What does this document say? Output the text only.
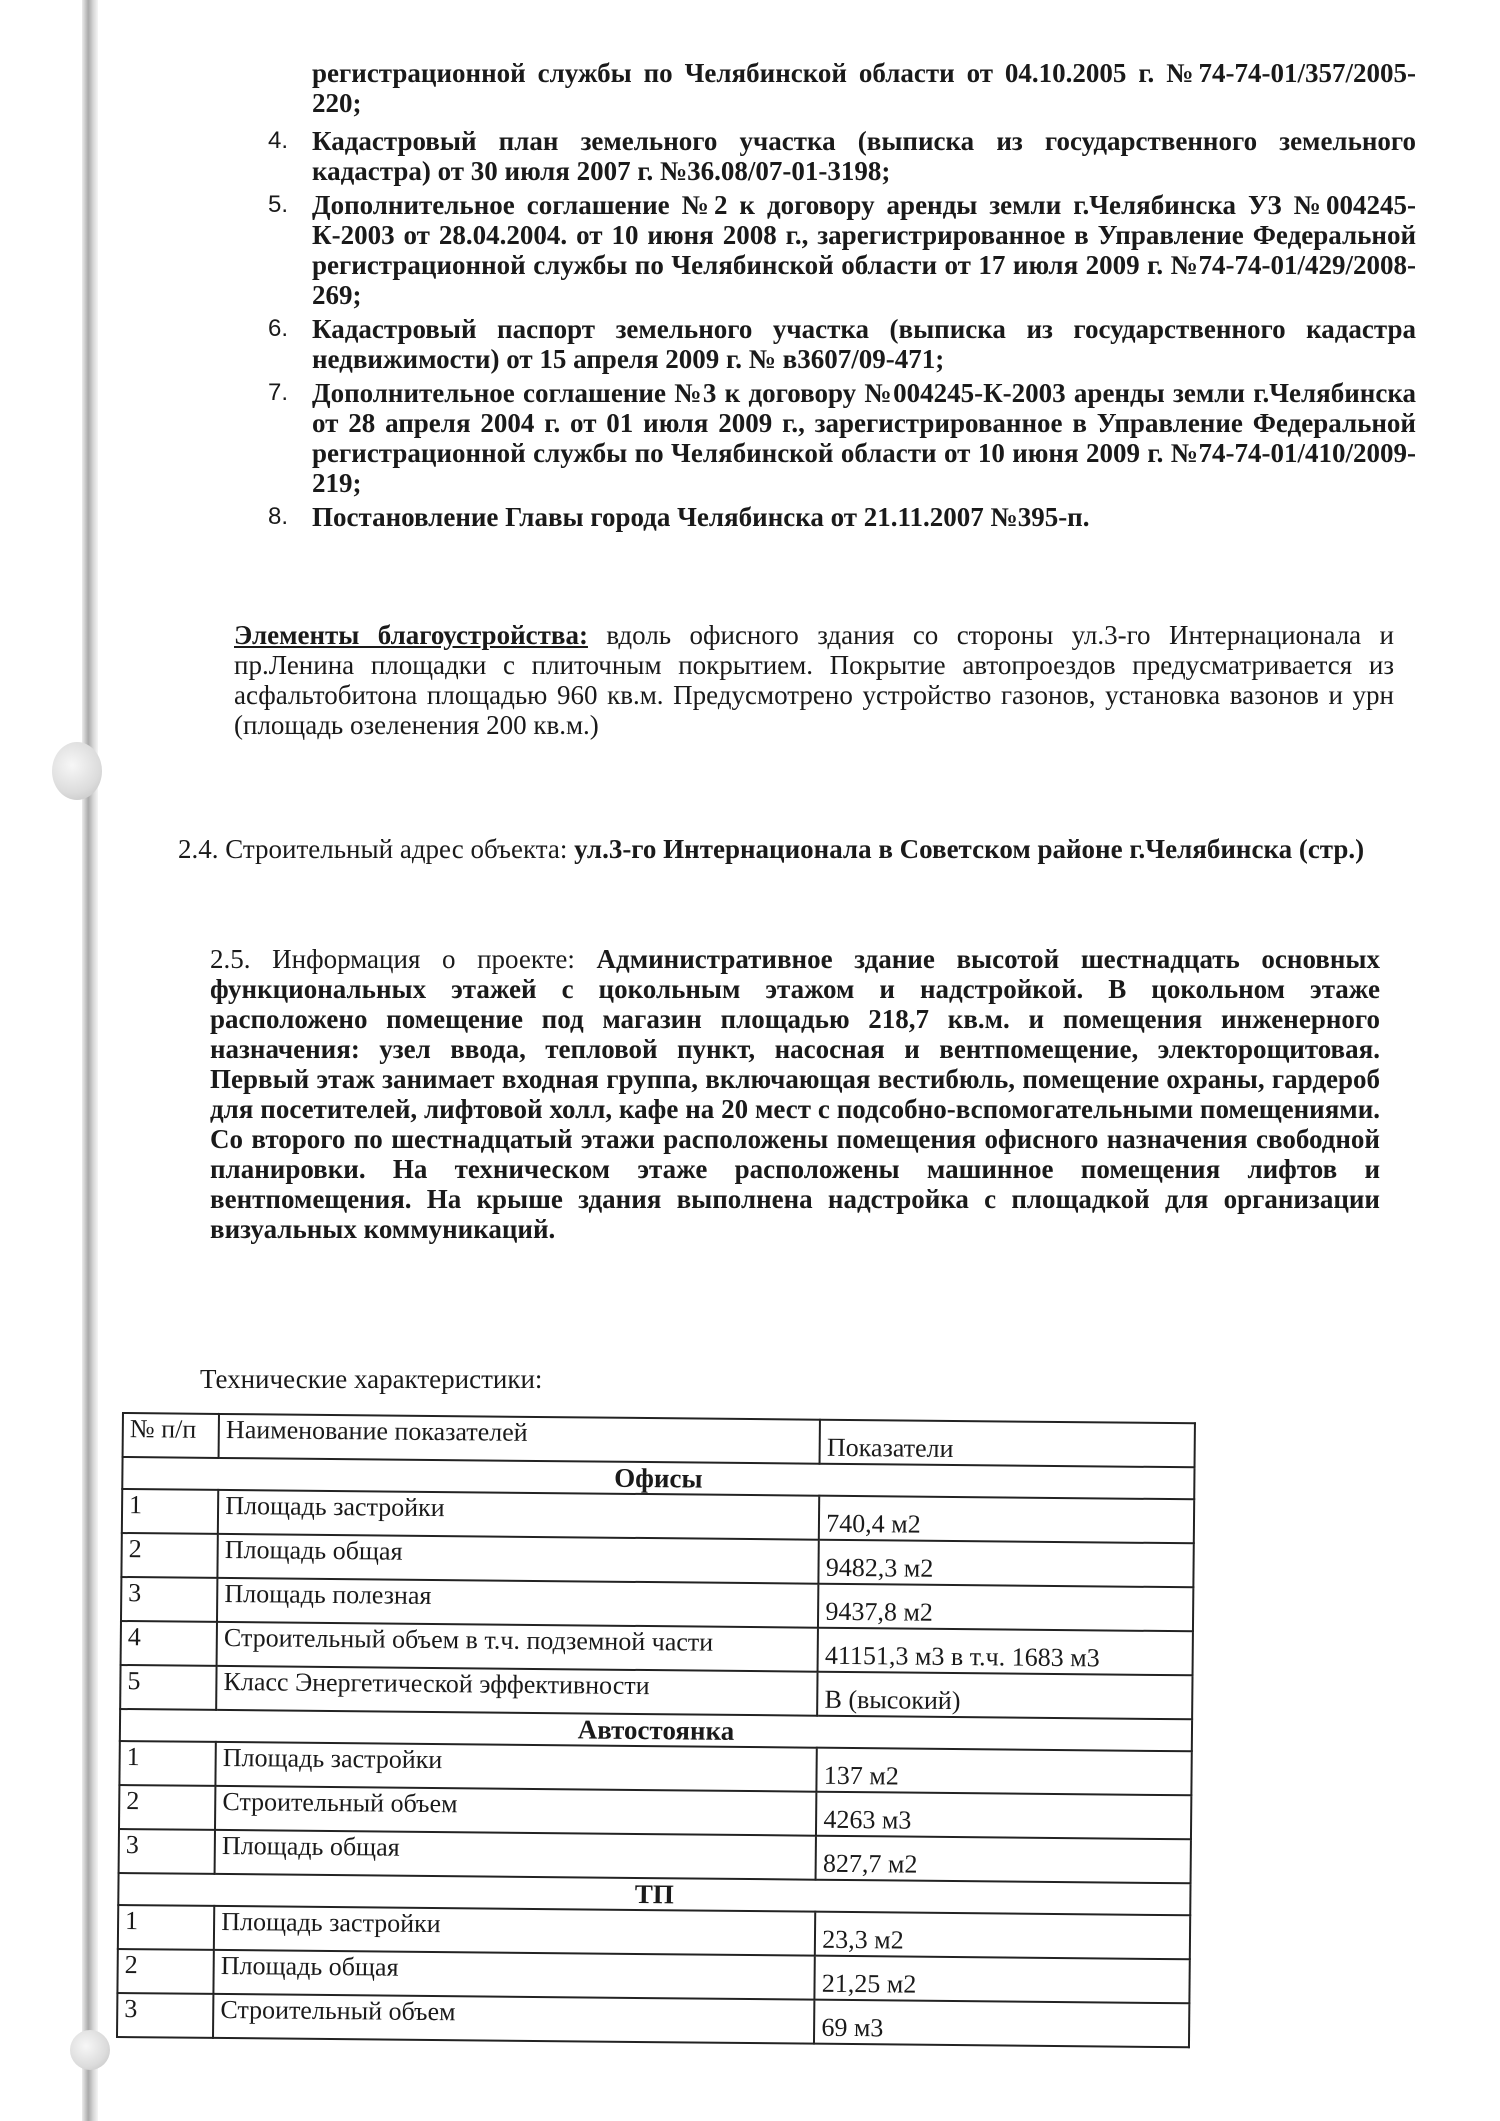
регистрационной службы по Челябинской области от 04.10.2005 г. №74-74-01/357/2005-220;
4. Кадастровый план земельного участка (выписка из государственного земельного кадастра) от 30 июля 2007 г. №36.08/07-01-3198;
5. Дополнительное соглашение №2 к договору аренды земли г.Челябинска УЗ №004245-К-2003 от 28.04.2004. от 10 июня 2008 г., зарегистрированное в Управление Федеральной регистрационной службы по Челябинской области от 17 июля 2009 г. №74-74-01/429/2008-269;
6. Кадастровый паспорт земельного участка (выписка из государственного кадастра недвижимости) от 15 апреля 2009 г. № в3607/09-471;
7. Дополнительное соглашение №3 к договору №004245-К-2003 аренды земли г.Челябинска от 28 апреля 2004 г. от 01 июля 2009 г., зарегистрированное в Управление Федеральной регистрационной службы по Челябинской области от 10 июня 2009 г. №74-74-01/410/2009-219;
8. Постановление Главы города Челябинска от 21.11.2007 №395-п.
Элементы благоустройства: вдоль офисного здания со стороны ул.3-го Интернационала и пр.Ленина площадки с плиточным покрытием. Покрытие автопроездов предусматривается из асфальтобитона площадью 960 кв.м. Предусмотрено устройство газонов, установка вазонов и урн (площадь озеленения 200 кв.м.)
2.4. Строительный адрес объекта: ул.3-го Интернационала в Советском районе г.Челябинска (стр.)
2.5. Информация о проекте: Административное здание высотой шестнадцать основных функциональных этажей с цокольным этажом и надстройкой. В цокольном этаже расположено помещение под магазин площадью 218,7 кв.м. и помещения инженерного назначения: узел ввода, тепловой пункт, насосная и вентпомещение, электорощитовая. Первый этаж занимает входная группа, включающая вестибюль, помещение охраны, гардероб для посетителей, лифтовой холл, кафе на 20 мест с подсобно-вспомогательными помещениями. Со второго по шестнадцатый этажи расположены помещения офисного назначения свободной планировки. На техническом этаже расположены машинное помещения лифтов и вентпомещения. На крыше здания выполнена надстройка с площадкой для организации визуальных коммуникаций.
Технические характеристики:
№ п/п	Наименование показателей	Показатели
Офисы		
1	Площадь застройки	740,4 м2
2	Площадь общая	9482,3 м2
3	Площадь полезная	9437,8 м2
4	Строительный объем в т.ч. подземной части	41151,3 м3 в т.ч. 1683 м3
5	Класс Энергетической эффективности	В (высокий)
Автостоянка		
1	Площадь застройки	137 м2
2	Строительный объем	4263 м3
3	Площадь общая	827,7 м2
ТП		
1	Площадь застройки	23,3 м2
2	Площадь общая	21,25 м2
3	Строительный объем	69 м3
